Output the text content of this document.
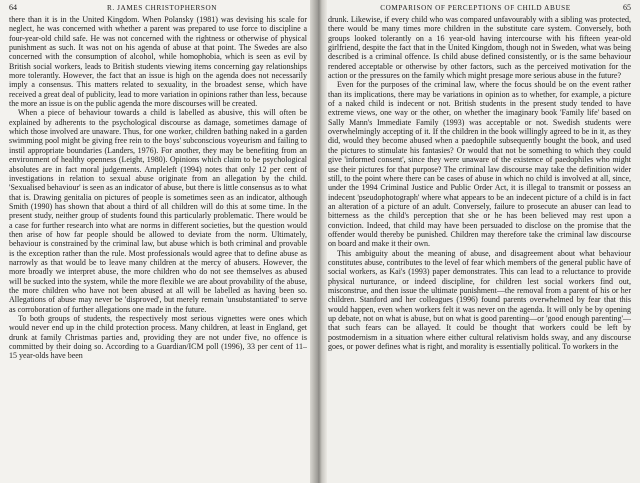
64	R. JAMES CHRISTOPHERSON

there than it is in the United Kingdom. When Polansky (1981) was devising his scale for neglect, he was concerned with whether a parent was prepared to use force to discipline a four-year-old child safe. He was not concerned with the rightness or otherwise of physical punishment as such. It was not on his agenda of abuse at that point. The Swedes are also concerned with the consumption of alcohol, while homophobia, which is seen as evil by British social workers, leads to British students viewing items concerning gay relationships more tolerantly. However, the fact that an issue is high on the agenda does not necessarily imply a consensus. This matters related to sexuality, in the broadest sense, which have received a great deal of publicity, lead to more variation in opinions rather than less, because the more an issue is on the public agenda the more discourses will be created.

When a piece of behaviour towards a child is labelled as abusive, this will often be explained by adherents to the psychological discourse as damage, sometimes damage of which those involved are unaware. Thus, for one worker, children bathing naked in a garden swimming pool might be giving free rein to the boys' subconscious voyeurism and failing to instil appropriate boundaries (Landers, 1976). For another, they may be benefiting from an environment of healthy openness (Leight, 1980). Opinions which claim to be psychological absolutes are in fact moral judgements. Ampleleft (1994) notes that only 12 per cent of investigations in relation to sexual abuse originate from an allegation by the child. 'Sexualised behaviour' is seen as an indicator of abuse, but there is little consensus as to what that is. Drawing genitalia on pictures of people is sometimes seen as an indicator, although Smith (1990) has shown that about a third of all children will do this at some time. In the present study, neither group of students found this particularly problematic. There would be a case for further research into what are norms in different societies, but the question would then arise of how far people should be allowed to deviate from the norm. Ultimately, behaviour is constrained by the criminal law, but abuse which is both criminal and provable is the exception rather than the rule. Most professionals would agree that to define abuse as narrowly as that would be to leave many children at the mercy of abusers. However, the more broadly we interpret abuse, the more children who do not see themselves as abused will be sucked into the system, while the more flexible we are about provability of the abuse, the more children who have not been abused at all will be labelled as having been so. Allegations of abuse may never be 'disproved', but merely remain 'unsubstantiated' to serve as corroboration of further allegations one made in the future.

To both groups of students, the respectively most serious vignettes were ones which would never end up in the child protection process. Many children, at least in England, get drunk at family Christmas parties and, providing they are not under five, no offence is committed by their doing so. According to a Guardian/ICM poll (1996), 33 per cent of 11–15 year-olds have been

COMPARISON OF PERCEPTIONS OF CHILD ABUSE	65

drunk. Likewise, if every child who was compared unfavourably with a sibling was protected, there would be many times more children in the substitute care system. Conversely, both groups looked tolerantly on a 16 year-old having intercourse with his fifteen year-old girlfriend, despite the fact that in the United Kingdom, though not in Sweden, what was being described is a criminal offence. Is child abuse defined consistently, or is the same behaviour rendered acceptable or otherwise by other factors, such as the perceived motivation for the action or the pressures on the family which might presage more serious abuse in the future?

Even for the purposes of the criminal law, where the focus should be on the event rather than its implications, there may be variations in opinion as to whether, for example, a picture of a naked child is indecent or not. British students in the present study tended to have extreme views, one way or the other, on whether the imaginary book 'Family life' based on Sally Mann's Immediate Family (1993) was acceptable or not. Swedish students were overwhelmingly accepting of it. If the children in the book willingly agreed to be in it, as they did, would they become abused when a paedophile subsequently bought the book, and used the pictures to stimulate his fantasies? Or would that not be something to which they could give 'informed consent', since they were unaware of the existence of paedophiles who might use their pictures for that purpose? The criminal law discourse may take the definition wider still, to the point where there can be cases of abuse in which no child is involved at all, since, under the 1994 Criminal Justice and Public Order Act, it is illegal to transmit or possess an indecent 'pseudophotograph' where what appears to be an indecent picture of a child is in fact an alteration of a picture of an adult. Conversely, failure to prosecute an abuser can lead to bitterness as the child's perception that she or he has been believed may rest upon a conviction. Indeed, that child may have been persuaded to disclose on the promise that the offender would thereby be punished. Children may therefore take the criminal law discourse on board and make it their own.

This ambiguity about the meaning of abuse, and disagreement about what behaviour constitutes abuse, contributes to the level of fear which members of the general public have of social workers, as Kai's (1993) paper demonstrates. This can lead to a reluctance to provide physical nurturance, or indeed discipline, for children lest social workers find out, misconstrue, and then issue the ultimate punishment—the removal from a parent of his or her children. Stanford and her colleagues (1996) found parents overwhelmed by fear that this would happen, even when workers felt it was never on the agenda. It will only be by opening up debate, not on what is abuse, but on what is good parenting—or 'good enough parenting'—that such fears can be allayed. It could be thought that workers could be left by postmodernism in a situation where either cultural relativism holds sway, and any discourse goes, or power defines what is right, and morality is essentially political. To workers in the
